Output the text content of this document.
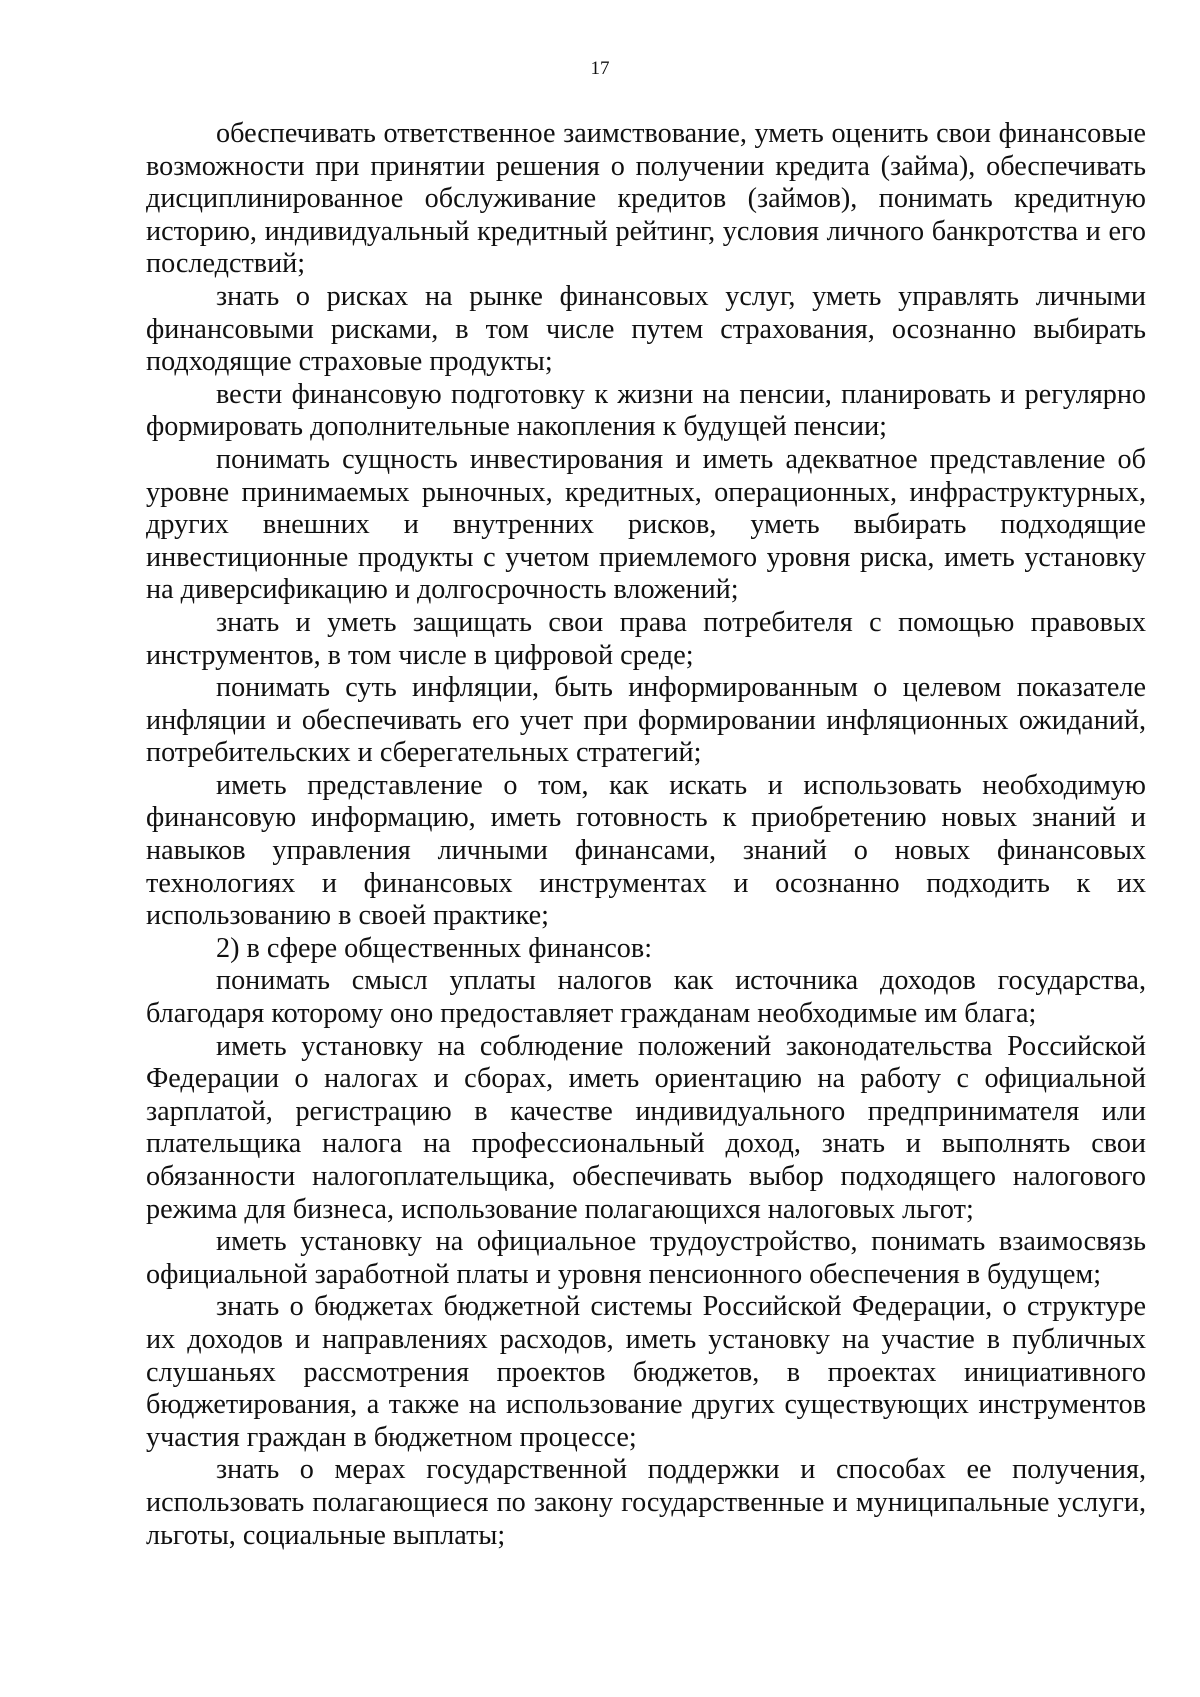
17

обеспечивать ответственное заимствование, уметь оценить свои финансовые возможности при принятии решения о получении кредита (займа), обеспечивать дисциплинированное обслуживание кредитов (займов), понимать кредитную историю, индивидуальный кредитный рейтинг, условия личного банкротства и его последствий;

знать о рисках на рынке финансовых услуг, уметь управлять личными финансовыми рисками, в том числе путем страхования, осознанно выбирать подходящие страховые продукты;

вести финансовую подготовку к жизни на пенсии, планировать и регулярно формировать дополнительные накопления к будущей пенсии;

понимать сущность инвестирования и иметь адекватное представление об уровне принимаемых рыночных, кредитных, операционных, инфраструктурных, других внешних и внутренних рисков, уметь выбирать подходящие инвестиционные продукты с учетом приемлемого уровня риска, иметь установку на диверсификацию и долгосрочность вложений;

знать и уметь защищать свои права потребителя с помощью правовых инструментов, в том числе в цифровой среде;

понимать суть инфляции, быть информированным о целевом показателе инфляции и обеспечивать его учет при формировании инфляционных ожиданий, потребительских и сберегательных стратегий;

иметь представление о том, как искать и использовать необходимую финансовую информацию, иметь готовность к приобретению новых знаний и навыков управления личными финансами, знаний о новых финансовых технологиях и финансовых инструментах и осознанно подходить к их использованию в своей практике;

2) в сфере общественных финансов:

понимать смысл уплаты налогов как источника доходов государства, благодаря которому оно предоставляет гражданам необходимые им блага;

иметь установку на соблюдение положений законодательства Российской Федерации о налогах и сборах, иметь ориентацию на работу с официальной зарплатой, регистрацию в качестве индивидуального предпринимателя или плательщика налога на профессиональный доход, знать и выполнять свои обязанности налогоплательщика, обеспечивать выбор подходящего налогового режима для бизнеса, использование полагающихся налоговых льгот;

иметь установку на официальное трудоустройство, понимать взаимосвязь официальной заработной платы и уровня пенсионного обеспечения в будущем;

знать о бюджетах бюджетной системы Российской Федерации, о структуре их доходов и направлениях расходов, иметь установку на участие в публичных слушаньях рассмотрения проектов бюджетов, в проектах инициативного бюджетирования, а также на использование других существующих инструментов участия граждан в бюджетном процессе;

знать о мерах государственной поддержки и способах ее получения, использовать полагающиеся по закону государственные и муниципальные услуги, льготы, социальные выплаты;
